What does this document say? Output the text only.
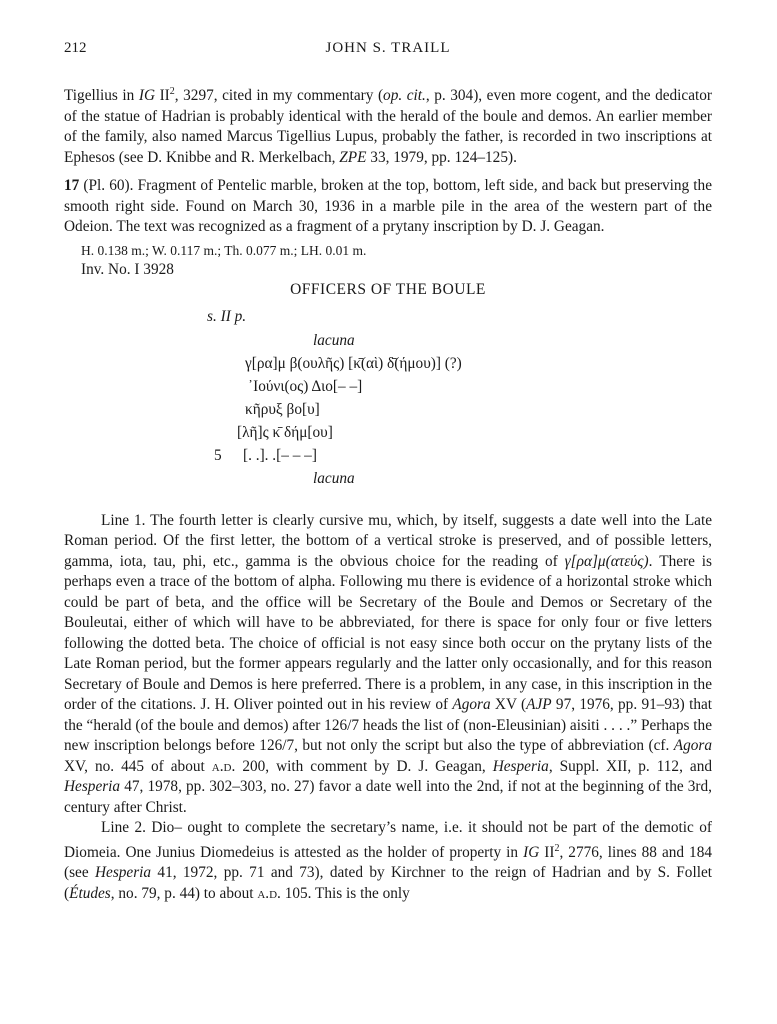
212	JOHN S. TRAILL

Tigellius in IG $II^2$, 3297, cited in my commentary (op. cit., p. 304), even more cogent, and the dedicator of the statue of Hadrian is probably identical with the herald of the boule and demos. An earlier member of the family, also named Marcus Tigellius Lupus, probably the father, is recorded in two inscriptions at Ephesos (see D. Knibbe and R. Merkelbach, ZPE 33, 1979, pp. 124–125).

17 (Pl. 60). Fragment of Pentelic marble, broken at the top, bottom, left side, and back but preserving the smooth right side. Found on March 30, 1936 in a marble pile in the area of the western part of the Odeion. The text was recognized as a fragment of a prytany inscription by D. J. Geagan.

H. 0.138 m.; W. 0.117 m.; Th. 0.077 m.; LH. 0.01 m.
Inv. No. I 3928
OFFICERS OF THE BOULE
s. II p.
lacuna
γ[ρα]μ β(ουλῆς) [κ̄(αὶ) δ̄(ήμου)] (?)
᾿Ιούνι(ος) Διο[– –]
κῆρυξ βο[υ]
[λῆ]ς κ̄ δήμ[ου]
5 [. .]. .[– – –]
lacuna

Line 1. The fourth letter is clearly cursive mu, which, by itself, suggests a date well into the Late Roman period. Of the first letter, the bottom of a vertical stroke is preserved, and of possible letters, gamma, iota, tau, phi, etc., gamma is the obvious choice for the reading of γ[ρα]μ(ατεύς). There is perhaps even a trace of the bottom of alpha. Following mu there is evidence of a horizontal stroke which could be part of beta, and the office will be Secretary of the Boule and Demos or Secretary of the Bouleutai, either of which will have to be abbreviated, for there is space for only four or five letters following the dotted beta. The choice of official is not easy since both occur on the prytany lists of the Late Roman period, but the former appears regularly and the latter only occasionally, and for this reason Secretary of Boule and Demos is here preferred. There is a problem, in any case, in this inscription in the order of the citations. J. H. Oliver pointed out in his review of Agora XV (AJP 97, 1976, pp. 91–93) that the “herald (of the boule and demos) after 126/7 heads the list of (non-Eleusinian) aisiti . . . .” Perhaps the new inscription belongs before 126/7, but not only the script but also the type of abbreviation (cf. Agora XV, no. 445 of about a.d. 200, with comment by D. J. Geagan, Hesperia, Suppl. XII, p. 112, and Hesperia 47, 1978, pp. 302–303, no. 27) favor a date well into the 2nd, if not at the beginning of the 3rd, century after Christ.

Line 2. Dio– ought to complete the secretary’s name, i.e. it should not be part of the demotic of Diomeia. One Junius Diomedeius is attested as the holder of property in IG $II^2$, 2776, lines 88 and 184 (see Hesperia 41, 1972, pp. 71 and 73), dated by Kirchner to the reign of Hadrian and by S. Follet (Études, no. 79, p. 44) to about a.d. 105. This is the only
